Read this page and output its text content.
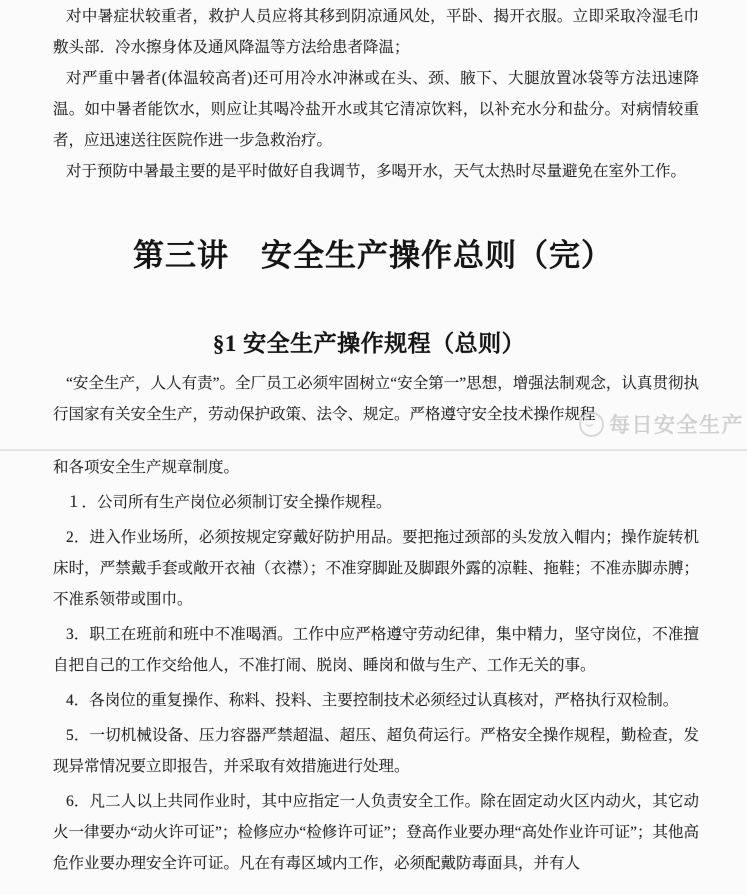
对中暑症状较重者，救护人员应将其移到阴凉通风处，平卧、揭开衣服。立即采取冷湿毛巾敷头部．冷水擦身体及通风降温等方法给患者降温；

对严重中暑者(体温较高者)还可用冷水冲淋或在头、颈、腋下、大腿放置冰袋等方法迅速降温。如中暑者能饮水，则应让其喝冷盐开水或其它清凉饮料，以补充水分和盐分。对病情较重者，应迅速送往医院作进一步急救治疗。

对于预防中暑最主要的是平时做好自我调节，多喝开水，天气太热时尽量避免在室外工作。

第三讲　安全生产操作总则（完）
§1 安全生产操作规程（总则）

“安全生产，人人有责”。全厂员工必须牢固树立“安全第一”思想，增强法制观念，认真贯彻执行国家有关安全生产，劳动保护政策、法令、规定。严格遵守安全技术操作规程

和各项安全生产规章制度。

１．公司所有生产岗位必须制订安全操作规程。

2．进入作业场所，必须按规定穿戴好防护用品。要把拖过颈部的头发放入帽内；操作旋转机床时，严禁戴手套或敞开衣袖（衣襟）；不准穿脚趾及脚跟外露的凉鞋、拖鞋；不准赤脚赤膊；不准系领带或围巾。

3．职工在班前和班中不准喝酒。工作中应严格遵守劳动纪律，集中精力，坚守岗位，不准擅自把自己的工作交给他人，不准打闹、脱岗、睡岗和做与生产、工作无关的事。

4．各岗位的重复操作、称料、投料、主要控制技术必须经过认真核对，严格执行双检制。

5．一切机械设备、压力容器严禁超温、超压、超负荷运行。严格安全操作规程，勤检查，发现异常情况要立即报告，并采取有效措施进行处理。

6．凡二人以上共同作业时，其中应指定一人负责安全工作。除在固定动火区内动火，其它动火一律要办“动火许可证”；检修应办“检修许可证”；登高作业要办理“高处作业许可证”；其他高危作业要办理安全许可证。凡在有毒区域内工作，必须配戴防毒面具，并有人

每日安全生产
